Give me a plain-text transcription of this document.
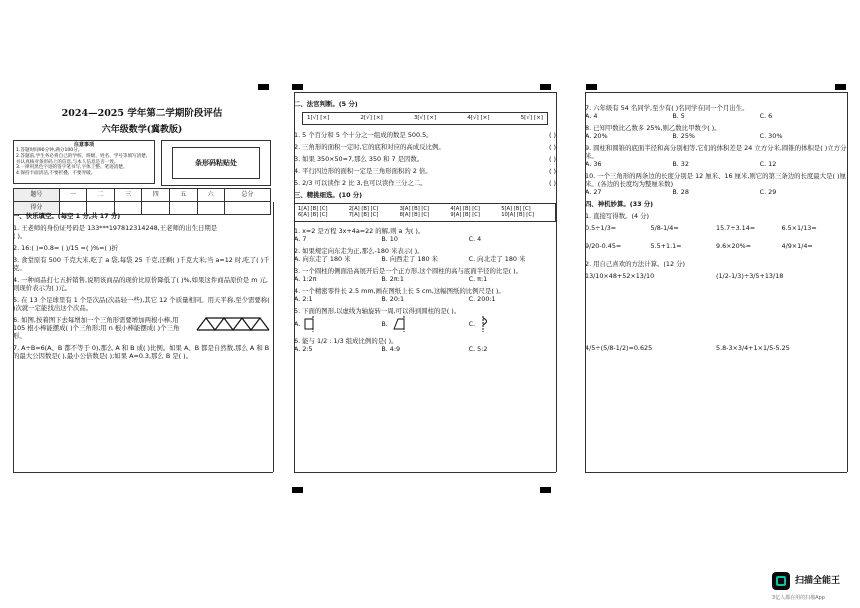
2024—2025 学年第二学期阶段评估
六年级数学(冀教版)
注意事项
1.答题时间90分钟,满分100分。
2.答题前,学生务必将自己的学校、班级、姓名、学号等填写清楚,
并认真核对条形码上的信息,与本人信息是否一致。
3.一律用黑色字迹的签字笔书写,字体工整、笔迹清楚。
4.保持卡面清洁,不要折叠、不要弄破。
条形码粘贴处
题号	一	二	三	四	五	六	总分
得分							
一、快乐填空。(每空 1 分,共 17 分)
1. 王老师的身份证号码是 133***197812314248,王老师的出生日期是
( )。
2. 16:( )=0.8= ( )/15 =( )%=( )折
3. 食堂原有 500 千克大米,吃了 a 袋,每袋 25 千克,还剩( )千克大米;当 a=12 时,吃了( )千克。
4. 一种商品打七五折销售,说明该商品的现价比原价降低了( )%,如果这件商品原价是 m 元,则现价表示为( )元。
5. 在 13 个足球里有 1 个是次品(次品轻一些),其它 12 个质量相同。用天平称,至少需要称( )次就一定能找出这个次品。
6. 如图,按着图下去每增加一个三角形需要增加两根小棒,用 105 根小棒能摆成( )个三角形;用 n 根小棒能摆成( )个三角形。
7. A÷B=6(A、B 都不等于 0),那么 A 和 B 成( )比例。如果 A、B 都是自然数,那么 A 和 B 的最大公因数是( ),最小公倍数是( );如果 A=0.3,那么 B 是( )。
二、法官判断。(5 分)
1[√] [×]	2[√] [×]	3[√] [×]	4[√] [×]	5[√] [×]
1. 5 个百分和 5 个十分之一组成的数是 500.5。	( )
2. 三角形的面积一定时,它的底和对应的高成反比例。	( )
3. 如果 350×50=7,那么 350 和 7 是因数。	( )
4. 平行四边形的面积一定是三角形面积的 2 倍。	( )
5. 2/3 可以读作 2 比 3,也可以读作三分之二。	( )
三、精挑细选。(10 分)
1[A] [B] [C]	2[A] [B] [C]	3[A] [B] [C]	4[A] [B] [C]	5[A] [B] [C]
6[A] [B] [C]	7[A] [B] [C]	8[A] [B] [C]	9[A] [B] [C]	10[A] [B] [C]
1. x=2 是方程 3x+4a=22 的解,则 a 为( )。
A. 7	B. 10	C. 4
2. 如果规定向东走为正,那么-180 米表示( )。
A. 向东走了 180 米	B. 向西走了 180 米	C. 向北走了 180 米
3. 一个圆柱的侧面沿高展开后是一个正方形,这个圆柱的高与底面半径的比是( )。
A. 1:2π	B. 2π:1	C. π:1
4. 一个精密零件长 2.5 mm,画在图纸上长 5 cm,这幅图纸的比例尺是( )。
A. 2:1	B. 20:1	C. 200:1
5. 下面的图形,以虚线为轴旋转一周,可以得到圆柱的是( )。
A.	B.	C.
6. 能与 1/2 : 1/3 组成比例的是( )。
A. 2:5	B. 4:9	C. 5:2
7. 六年级有 54 名同学,至少有( )名同学在同一个月出生。
A. 4	B. 5	C. 6
8. 已知甲数比乙数多 25%,则乙数比甲数少( )。
A. 20%	B. 25%	C. 30%
9. 圆柱和圆锥的底面半径和高分别相等,它们的体积差是 24 立方分米,圆锥的体积是( )立方分米。
A. 36	B. 32	C. 12
10. 一个三角形的两条边的长度分别是 12 厘米、16 厘米,则它的第三条边的长度最大是( )厘米。(各边的长度均为整厘米数)
A. 27	B. 28	C. 29
四、神机妙算。(33 分)
1. 直接写得数。(4 分)
0.5÷1/3=	5/8-1/4=	15.7÷3.14=	6.5×1/13=
9/20-0.45=	5.5+1.1=	9.6×20%=	4/9×1/4=
2. 用自己喜欢的方法计算。(12 分)
13/10×48+52×13/10	(1/2-1/3)÷3/5+13/18
4/5÷(5/8-1/2)=0.625	5.8-3×3/4+1×1/5-5.25
扫描全能王
3亿人都在用的扫描App
